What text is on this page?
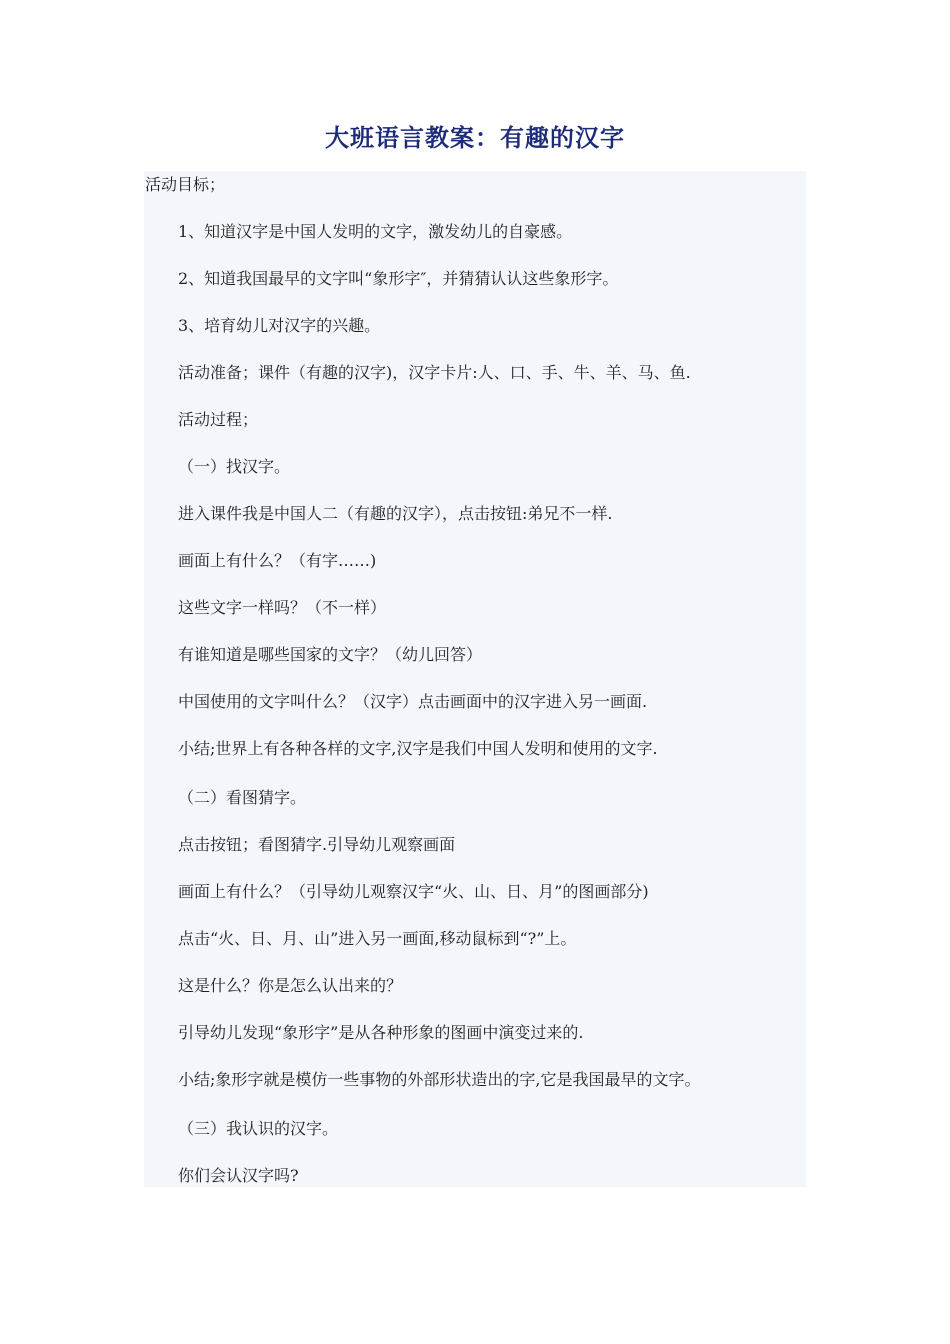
大班语言教案：有趣的汉字
活动目标；
1、知道汉字是中国人发明的文字，激发幼儿的自豪感。
2、知道我国最早的文字叫“象形字″，并猜猜认认这些象形字。
3、培育幼儿对汉字的兴趣。
活动准备；课件（有趣的汉字)，汉字卡片:人、口、手、牛、羊、马、鱼.
活动过程；
（一）找汉字。
进入课件我是中国人二（有趣的汉字），点击按钮:弟兄不一样.
画面上有什么？（有字……)
这些文字一样吗？（不一样）
有谁知道是哪些国家的文字？（幼儿回答）
中国使用的文字叫什么？（汉字）点击画面中的汉字进入另一画面.
小结;世界上有各种各样的文字,汉字是我们中国人发明和使用的文字.
（二）看图猜字。
点击按钮；看图猜字.引导幼儿观察画面
画面上有什么？（引导幼儿观察汉字“火、山、日、月”的图画部分)
点击“火、日、月、山”进入另一画面,移动鼠标到“?”上。
这是什么？你是怎么认出来的？
引导幼儿发现“象形字”是从各种形象的图画中演变过来的.
小结;象形字就是模仿一些事物的外部形状造出的字,它是我国最早的文字。
（三）我认识的汉字。
你们会认汉字吗?
